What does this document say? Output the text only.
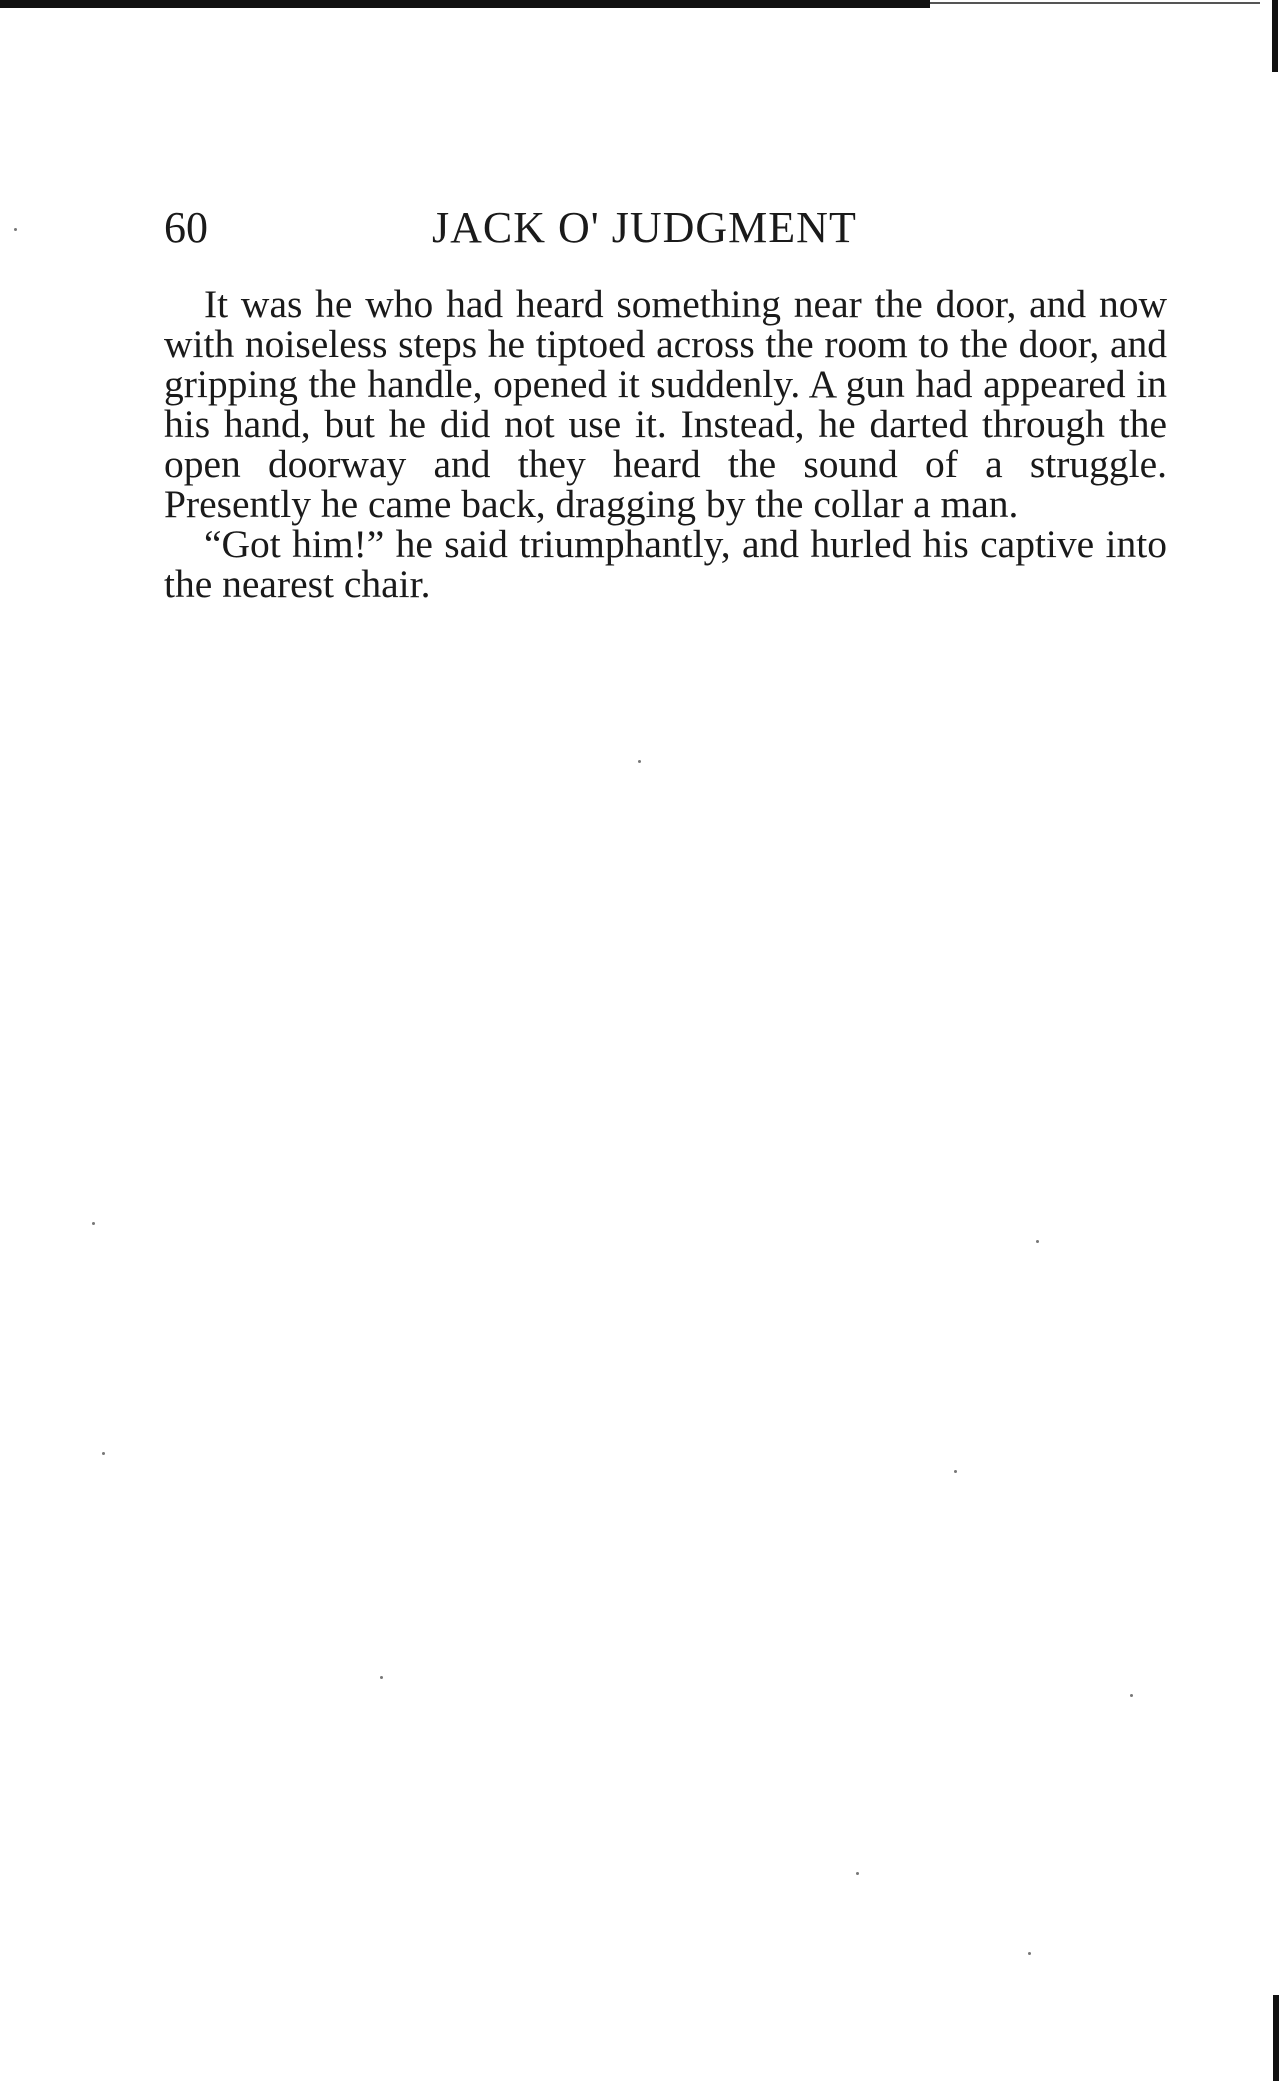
60	JACK O' JUDGMENT

It was he who had heard something near the door, and now with noiseless steps he tiptoed across the room to the door, and gripping the handle, opened it suddenly. A gun had appeared in his hand, but he did not use it. Instead, he darted through the open doorway and they heard the sound of a struggle. Presently he came back, dragging by the collar a man.

“Got him!” he said triumphantly, and hurled his captive into the nearest chair.
